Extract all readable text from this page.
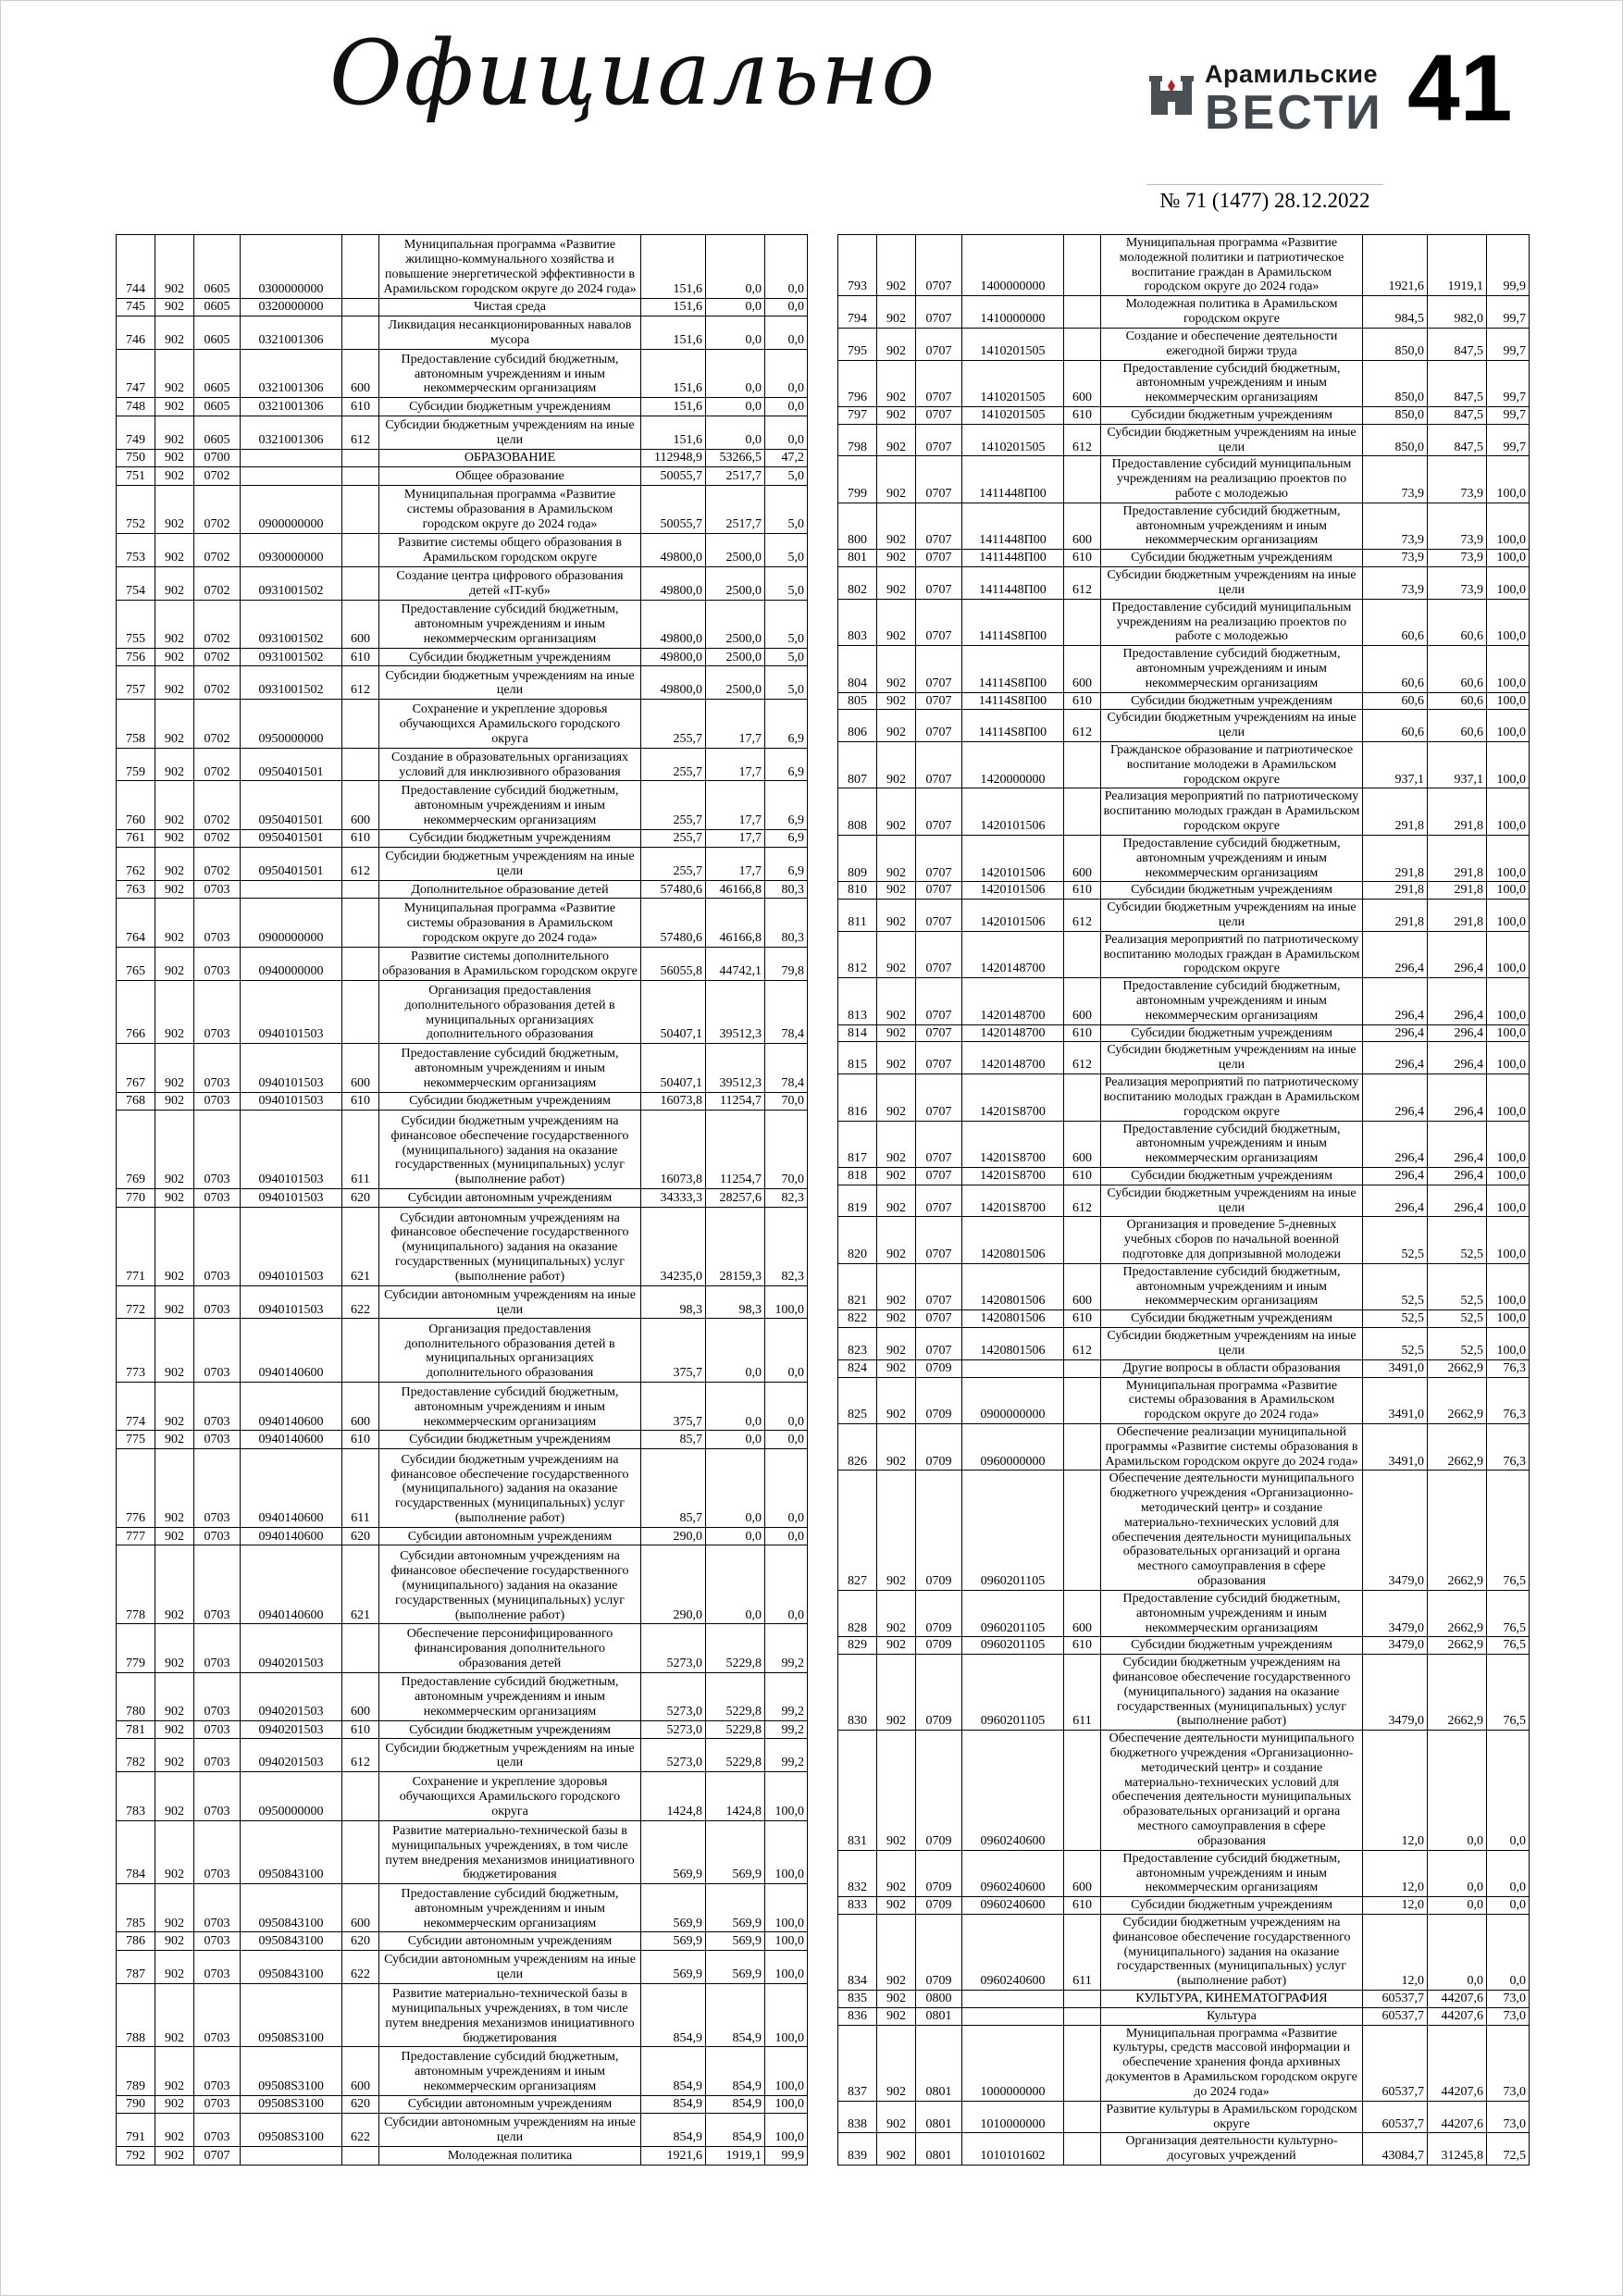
Официально	Арамильские
ВЕСТИ 41
№ 71 (1477) 28.12.2022
744	902	0605	0300000000		Муниципальная программа «Развитие жилищно-коммунального хозяйства и повышение энергетической эффективности в Арамильском городском округе до 2024 года»	151,6	0,0	0,0
745	902	0605	0320000000		Чистая среда	151,6	0,0	0,0
746	902	0605	0321001306		Ликвидация несанкционированных навалов мусора	151,6	0,0	0,0
747	902	0605	0321001306	600	Предоставление субсидий бюджетным, автономным учреждениям и иным некоммерческим организациям	151,6	0,0	0,0
748	902	0605	0321001306	610	Субсидии бюджетным учреждениям	151,6	0,0	0,0
749	902	0605	0321001306	612	Субсидии бюджетным учреждениям на иные цели	151,6	0,0	0,0
750	902	0700			ОБРАЗОВАНИЕ	112948,9	53266,5	47,2
751	902	0702			Общее образование	50055,7	2517,7	5,0
752	902	0702	0900000000		Муниципальная программа «Развитие системы образования в Арамильском городском округе до 2024 года»	50055,7	2517,7	5,0
753	902	0702	0930000000		Развитие системы общего образования в Арамильском городском округе	49800,0	2500,0	5,0
754	902	0702	0931001502		Создание центра цифрового образования детей «IT-куб»	49800,0	2500,0	5,0
755	902	0702	0931001502	600	Предоставление субсидий бюджетным, автономным учреждениям и иным некоммерческим организациям	49800,0	2500,0	5,0
756	902	0702	0931001502	610	Субсидии бюджетным учреждениям	49800,0	2500,0	5,0
757	902	0702	0931001502	612	Субсидии бюджетным учреждениям на иные цели	49800,0	2500,0	5,0
758	902	0702	0950000000		Сохранение и укрепление здоровья обучающихся Арамильского городского округа	255,7	17,7	6,9
759	902	0702	0950401501		Создание в образовательных организациях условий для инклюзивного образования	255,7	17,7	6,9
760	902	0702	0950401501	600	Предоставление субсидий бюджетным, автономным учреждениям и иным некоммерческим организациям	255,7	17,7	6,9
761	902	0702	0950401501	610	Субсидии бюджетным учреждениям	255,7	17,7	6,9
762	902	0702	0950401501	612	Субсидии бюджетным учреждениям на иные цели	255,7	17,7	6,9
763	902	0703			Дополнительное образование детей	57480,6	46166,8	80,3
764	902	0703	0900000000		Муниципальная программа «Развитие системы образования в Арамильском городском округе до 2024 года»	57480,6	46166,8	80,3
765	902	0703	0940000000		Развитие системы дополнительного образования в Арамильском городском округе	56055,8	44742,1	79,8
766	902	0703	0940101503		Организация предоставления дополнительного образования детей в муниципальных организациях дополнительного образования	50407,1	39512,3	78,4
767	902	0703	0940101503	600	Предоставление субсидий бюджетным, автономным учреждениям и иным некоммерческим организациям	50407,1	39512,3	78,4
768	902	0703	0940101503	610	Субсидии бюджетным учреждениям	16073,8	11254,7	70,0
769	902	0703	0940101503	611	Субсидии бюджетным учреждениям на финансовое обеспечение государственного (муниципального) задания на оказание государственных (муниципальных) услуг (выполнение работ)	16073,8	11254,7	70,0
770	902	0703	0940101503	620	Субсидии автономным учреждениям	34333,3	28257,6	82,3
771	902	0703	0940101503	621	Субсидии автономным учреждениям на финансовое обеспечение государственного (муниципального) задания на оказание государственных (муниципальных) услуг (выполнение работ)	34235,0	28159,3	82,3
772	902	0703	0940101503	622	Субсидии автономным учреждениям на иные цели	98,3	98,3	100,0
773	902	0703	0940140600		Организация предоставления дополнительного образования детей в муниципальных организациях дополнительного образования	375,7	0,0	0,0
774	902	0703	0940140600	600	Предоставление субсидий бюджетным, автономным учреждениям и иным некоммерческим организациям	375,7	0,0	0,0
775	902	0703	0940140600	610	Субсидии бюджетным учреждениям	85,7	0,0	0,0
776	902	0703	0940140600	611	Субсидии бюджетным учреждениям на финансовое обеспечение государственного (муниципального) задания на оказание государственных (муниципальных) услуг (выполнение работ)	85,7	0,0	0,0
777	902	0703	0940140600	620	Субсидии автономным учреждениям	290,0	0,0	0,0
778	902	0703	0940140600	621	Субсидии автономным учреждениям на финансовое обеспечение государственного (муниципального) задания на оказание государственных (муниципальных) услуг (выполнение работ)	290,0	0,0	0,0
779	902	0703	0940201503		Обеспечение персонифицированного финансирования дополнительного образования детей	5273,0	5229,8	99,2
780	902	0703	0940201503	600	Предоставление субсидий бюджетным, автономным учреждениям и иным некоммерческим организациям	5273,0	5229,8	99,2
781	902	0703	0940201503	610	Субсидии бюджетным учреждениям	5273,0	5229,8	99,2
782	902	0703	0940201503	612	Субсидии бюджетным учреждениям на иные цели	5273,0	5229,8	99,2
783	902	0703	0950000000		Сохранение и укрепление здоровья обучающихся Арамильского городского округа	1424,8	1424,8	100,0
784	902	0703	0950843100		Развитие материально-технической базы в муниципальных учреждениях, в том числе путем внедрения механизмов инициативного бюджетирования	569,9	569,9	100,0
785	902	0703	0950843100	600	Предоставление субсидий бюджетным, автономным учреждениям и иным некоммерческим организациям	569,9	569,9	100,0
786	902	0703	0950843100	620	Субсидии автономным учреждениям	569,9	569,9	100,0
787	902	0703	0950843100	622	Субсидии автономным учреждениям на иные цели	569,9	569,9	100,0
788	902	0703	09508S3100		Развитие материально-технической базы в муниципальных учреждениях, в том числе путем внедрения механизмов инициативного бюджетирования	854,9	854,9	100,0
789	902	0703	09508S3100	600	Предоставление субсидий бюджетным, автономным учреждениям и иным некоммерческим организациям	854,9	854,9	100,0
790	902	0703	09508S3100	620	Субсидии автономным учреждениям	854,9	854,9	100,0
791	902	0703	09508S3100	622	Субсидии автономным учреждениям на иные цели	854,9	854,9	100,0
792	902	0707			Молодежная политика	1921,6	1919,1	99,9
793	902	0707	1400000000		Муниципальная программа «Развитие молодежной политики и патриотическое воспитание граждан в Арамильском городском округе до 2024 года»	1921,6	1919,1	99,9
794	902	0707	1410000000		Молодежная политика в Арамильском городском округе	984,5	982,0	99,7
795	902	0707	1410201505		Создание и обеспечение деятельности ежегодной биржи труда	850,0	847,5	99,7
796	902	0707	1410201505	600	Предоставление субсидий бюджетным, автономным учреждениям и иным некоммерческим организациям	850,0	847,5	99,7
797	902	0707	1410201505	610	Субсидии бюджетным учреждениям	850,0	847,5	99,7
798	902	0707	1410201505	612	Субсидии бюджетным учреждениям на иные цели	850,0	847,5	99,7
799	902	0707	1411448П00		Предоставление субсидий муниципальным учреждениям на реализацию проектов по работе с молодежью	73,9	73,9	100,0
800	902	0707	1411448П00	600	Предоставление субсидий бюджетным, автономным учреждениям и иным некоммерческим организациям	73,9	73,9	100,0
801	902	0707	1411448П00	610	Субсидии бюджетным учреждениям	73,9	73,9	100,0
802	902	0707	1411448П00	612	Субсидии бюджетным учреждениям на иные цели	73,9	73,9	100,0
803	902	0707	14114S8П00		Предоставление субсидий муниципальным учреждениям на реализацию проектов по работе с молодежью	60,6	60,6	100,0
804	902	0707	14114S8П00	600	Предоставление субсидий бюджетным, автономным учреждениям и иным некоммерческим организациям	60,6	60,6	100,0
805	902	0707	14114S8П00	610	Субсидии бюджетным учреждениям	60,6	60,6	100,0
806	902	0707	14114S8П00	612	Субсидии бюджетным учреждениям на иные цели	60,6	60,6	100,0
807	902	0707	1420000000		Гражданское образование и патриотическое воспитание молодежи в Арамильском городском округе	937,1	937,1	100,0
808	902	0707	1420101506		Реализация мероприятий по патриотическому воспитанию молодых граждан в Арамильском городском округе	291,8	291,8	100,0
809	902	0707	1420101506	600	Предоставление субсидий бюджетным, автономным учреждениям и иным некоммерческим организациям	291,8	291,8	100,0
810	902	0707	1420101506	610	Субсидии бюджетным учреждениям	291,8	291,8	100,0
811	902	0707	1420101506	612	Субсидии бюджетным учреждениям на иные цели	291,8	291,8	100,0
812	902	0707	1420148700		Реализация мероприятий по патриотическому воспитанию молодых граждан в Арамильском городском округе	296,4	296,4	100,0
813	902	0707	1420148700	600	Предоставление субсидий бюджетным, автономным учреждениям и иным некоммерческим организациям	296,4	296,4	100,0
814	902	0707	1420148700	610	Субсидии бюджетным учреждениям	296,4	296,4	100,0
815	902	0707	1420148700	612	Субсидии бюджетным учреждениям на иные цели	296,4	296,4	100,0
816	902	0707	14201S8700		Реализация мероприятий по патриотическому воспитанию молодых граждан в Арамильском городском округе	296,4	296,4	100,0
817	902	0707	14201S8700	600	Предоставление субсидий бюджетным, автономным учреждениям и иным некоммерческим организациям	296,4	296,4	100,0
818	902	0707	14201S8700	610	Субсидии бюджетным учреждениям	296,4	296,4	100,0
819	902	0707	14201S8700	612	Субсидии бюджетным учреждениям на иные цели	296,4	296,4	100,0
820	902	0707	1420801506		Организация и проведение 5-дневных учебных сборов по начальной военной подготовке для допризывной молодежи	52,5	52,5	100,0
821	902	0707	1420801506	600	Предоставление субсидий бюджетным, автономным учреждениям и иным некоммерческим организациям	52,5	52,5	100,0
822	902	0707	1420801506	610	Субсидии бюджетным учреждениям	52,5	52,5	100,0
823	902	0707	1420801506	612	Субсидии бюджетным учреждениям на иные цели	52,5	52,5	100,0
824	902	0709			Другие вопросы в области образования	3491,0	2662,9	76,3
825	902	0709	0900000000		Муниципальная программа «Развитие системы образования в Арамильском городском округе до 2024 года»	3491,0	2662,9	76,3
826	902	0709	0960000000		Обеспечение реализации муниципальной программы «Развитие системы образования в Арамильском городском округе до 2024 года»	3491,0	2662,9	76,3
827	902	0709	0960201105		Обеспечение деятельности муниципального бюджетного учреждения «Организационно-методический центр» и создание материально-технических условий для обеспечения деятельности муниципальных образовательных организаций и органа местного самоуправления в сфере образования	3479,0	2662,9	76,5
828	902	0709	0960201105	600	Предоставление субсидий бюджетным, автономным учреждениям и иным некоммерческим организациям	3479,0	2662,9	76,5
829	902	0709	0960201105	610	Субсидии бюджетным учреждениям	3479,0	2662,9	76,5
830	902	0709	0960201105	611	Субсидии бюджетным учреждениям на финансовое обеспечение государственного (муниципального) задания на оказание государственных (муниципальных) услуг (выполнение работ)	3479,0	2662,9	76,5
831	902	0709	0960240600		Обеспечение деятельности муниципального бюджетного учреждения «Организационно-методический центр» и создание материально-технических условий для обеспечения деятельности муниципальных образовательных организаций и органа местного самоуправления в сфере образования	12,0	0,0	0,0
832	902	0709	0960240600	600	Предоставление субсидий бюджетным, автономным учреждениям и иным некоммерческим организациям	12,0	0,0	0,0
833	902	0709	0960240600	610	Субсидии бюджетным учреждениям	12,0	0,0	0,0
834	902	0709	0960240600	611	Субсидии бюджетным учреждениям на финансовое обеспечение государственного (муниципального) задания на оказание государственных (муниципальных) услуг (выполнение работ)	12,0	0,0	0,0
835	902	0800			КУЛЬТУРА, КИНЕМАТОГРАФИЯ	60537,7	44207,6	73,0
836	902	0801			Культура	60537,7	44207,6	73,0
837	902	0801	1000000000		Муниципальная программа «Развитие культуры, средств массовой информации и обеспечение хранения фонда архивных документов в Арамильском городском округе до 2024 года»	60537,7	44207,6	73,0
838	902	0801	1010000000		Развитие культуры в Арамильском городском округе	60537,7	44207,6	73,0
839	902	0801	1010101602		Организация деятельности культурно-досуговых учреждений	43084,7	31245,8	72,5
